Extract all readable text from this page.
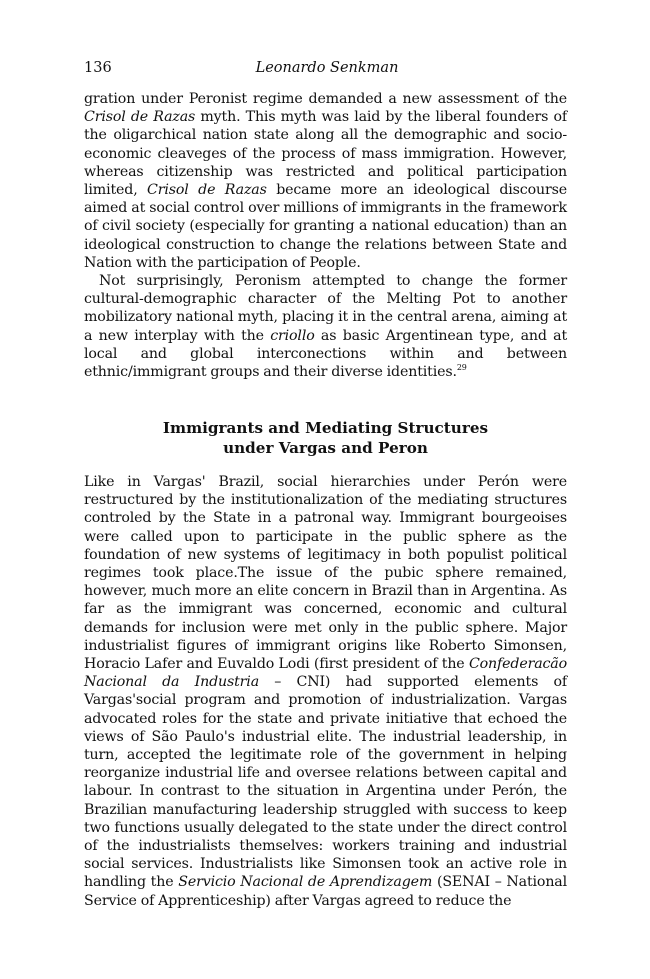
136	Leonardo Senkman

gration under Peronist regime demanded a new assessment of the Crisol de Razas myth. This myth was laid by the liberal founders of the oligarchical nation state along all the demographic and socio-economic cleaveges of the process of mass immigration. However, whereas citizenship was restricted and political participation limited, Crisol de Razas became more an ideological discourse aimed at social control over millions of immigrants in the framework of civil society (especially for granting a national education) than an ideological construction to change the relations between State and Nation with the participation of People.

Not surprisingly, Peronism attempted to change the former cultural-demographic character of the Melting Pot to another mobilizatory national myth, placing it in the central arena, aiming at a new interplay with the criollo as basic Argentinean type, and at local and global interconections within and between ethnic/immigrant groups and their diverse identities.$^{29}$

Immigrants and Mediating Structures
under Vargas and Peron

Like in Vargas' Brazil, social hierarchies under Perón were restructured by the institutionalization of the mediating structures controled by the State in a patronal way. Immigrant bourgeoises were called upon to participate in the public sphere as the foundation of new systems of legitimacy in both populist political regimes took place.The issue of the pubic sphere remained, however, much more an elite concern in Brazil than in Argentina. As far as the immigrant was concerned, economic and cultural demands for inclusion were met only in the public sphere. Major industrialist figures of immigrant origins like Roberto Simonsen, Horacio Lafer and Euvaldo Lodi (first president of the Confederacão Nacional da Industria – CNI) had supported elements of Vargas'social program and promotion of industrialization. Vargas advocated roles for the state and private initiative that echoed the views of São Paulo's industrial elite. The industrial leadership, in turn, accepted the legitimate role of the government in helping reorganize industrial life and oversee relations between capital and labour. In contrast to the situation in Argentina under Perón, the Brazilian manufacturing leadership struggled with success to keep two functions usually delegated to the state under the direct control of the industrialists themselves: workers training and industrial social services. Industrialists like Simonsen took an active role in handling the Servicio Nacional de Aprendizagem (SENAI – National Service of Apprenticeship) after Vargas agreed to reduce the
